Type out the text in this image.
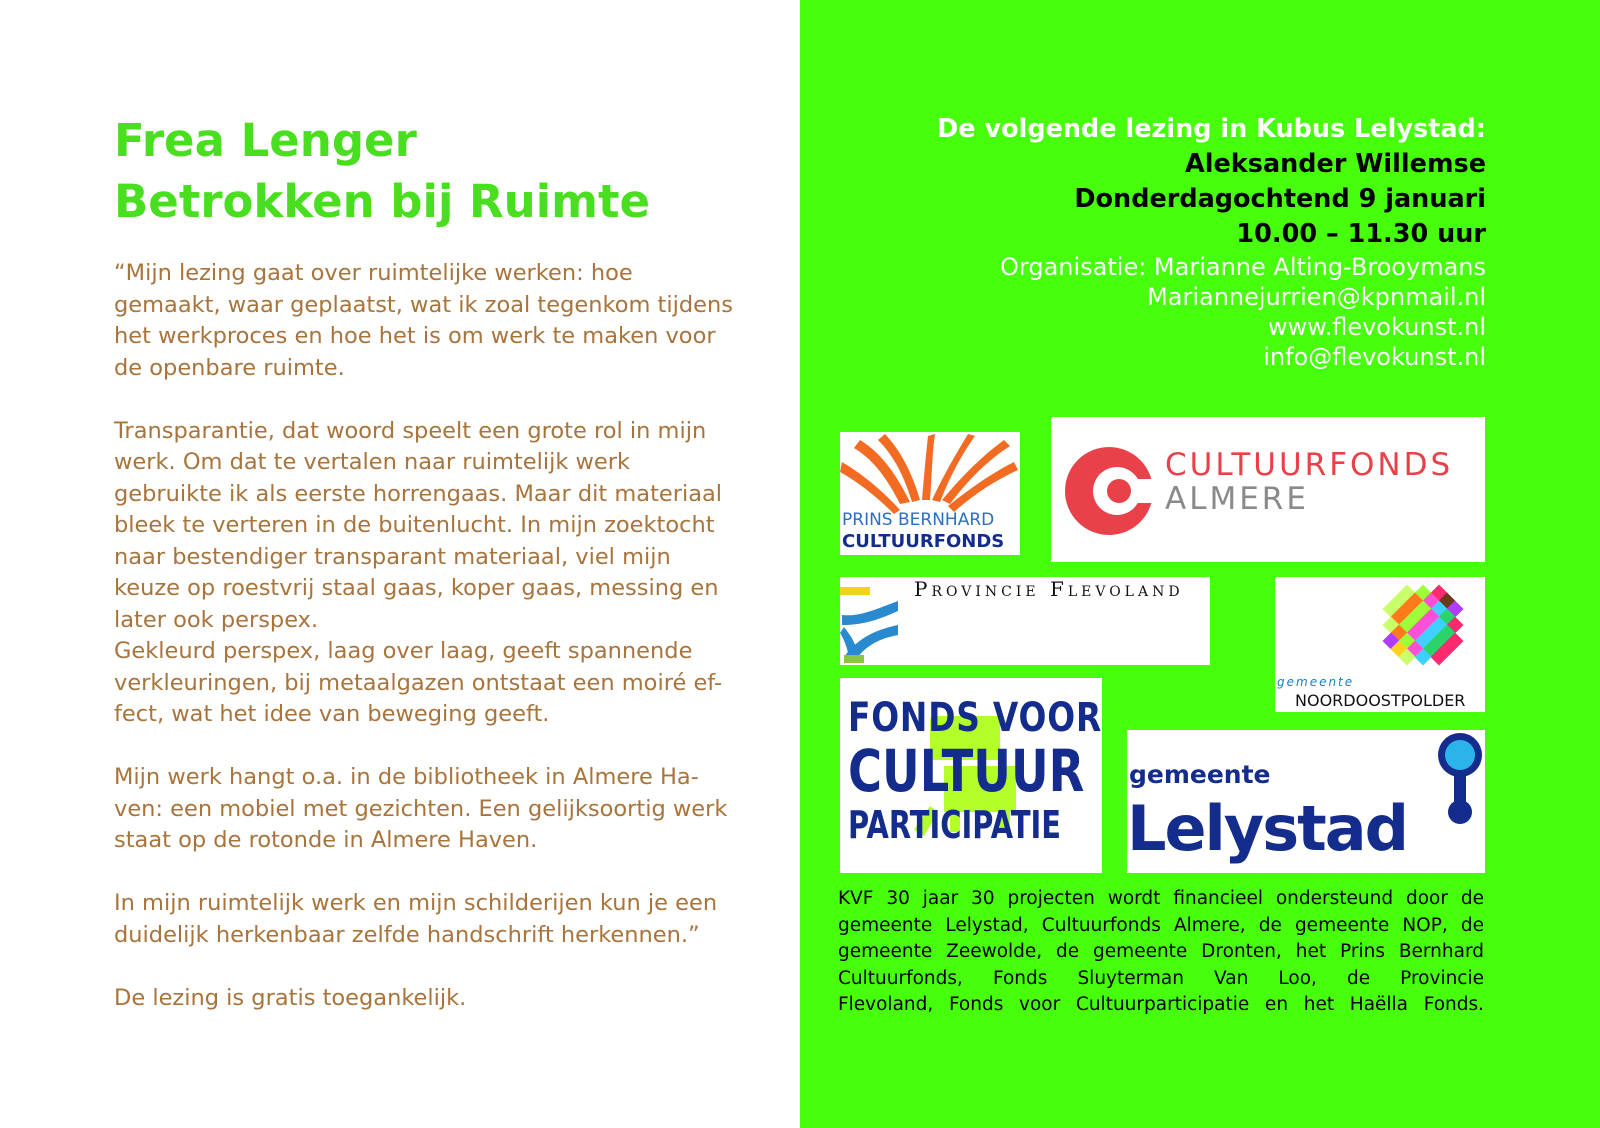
Frea Lenger
Betrokken bij Ruimte

“Mijn lezing gaat over ruimtelijke werken: hoe
gemaakt, waar geplaatst, wat ik zoal tegenkom tijdens
het werkproces en hoe het is om werk te maken voor
de openbare ruimte.

Transparantie, dat woord speelt een grote rol in mijn
werk. Om dat te vertalen naar ruimtelijk werk
gebruikte ik als eerste horrengaas. Maar dit materiaal
bleek te verteren in de buitenlucht. In mijn zoektocht
naar bestendiger transparant materiaal, viel mijn
keuze op roestvrij staal gaas, koper gaas, messing en
later ook perspex.
Gekleurd perspex, laag over laag, geeft spannende
verkleuringen, bij metaalgazen ontstaat een moiré ef-
fect, wat het idee van beweging geeft.

Mijn werk hangt o.a. in de bibliotheek in Almere Ha-
ven: een mobiel met gezichten. Een gelijksoortig werk
staat op de rotonde in Almere Haven.

In mijn ruimtelijk werk en mijn schilderijen kun je een
duidelijk herkenbaar zelfde handschrift herkennen.”

De lezing is gratis toegankelijk.

De volgende lezing in Kubus Lelystad:
Aleksander Willemse
Donderdagochtend 9 januari
10.00 – 11.30 uur
Organisatie: Marianne Alting-Brooymans
Mariannejurrien@kpnmail.nl
www.flevokunst.nl
info@flevokunst.nl
PRINS BERNHARD
CULTUURFONDS
CULTUURFONDS
ALMERE
Provincie Flevoland
gemeente
NOORDOOSTPOLDER
FONDS VOOR
CULTUUR
PARTICIPATIE
gemeente
Lelystad
KVF 30 jaar 30 projecten wordt financieel ondersteund door de
gemeente Lelystad, Cultuurfonds Almere, de gemeente NOP, de
gemeente Zeewolde, de gemeente Dronten, het Prins Bernhard
Cultuurfonds, Fonds Sluyterman Van Loo, de Provincie
Flevoland, Fonds voor Cultuurparticipatie en het Haëlla Fonds.
